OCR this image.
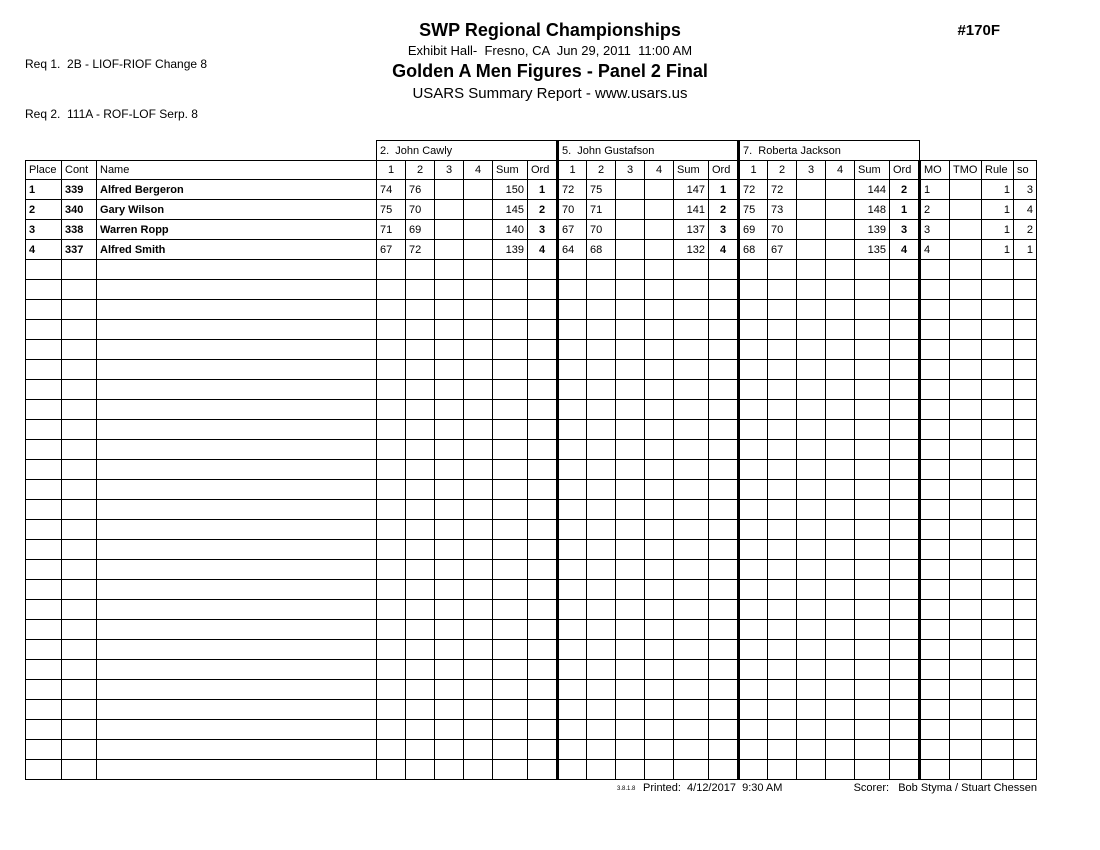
Req 1.  2B - LIOF-RIOF Change 8

Req 2.  111A - ROF-LOF Serp. 8

SWP Regional Championships
Exhibit Hall-  Fresno, CA  Jun 29, 2011  11:00 AM
Golden A Men Figures - Panel 2 Final
USARS Summary Report - www.usars.us
#170F
			2.  John Cawly						5.  John Gustafson						7.  Roberta Jackson									
Place	Cont	Name	1	2	3	4	Sum	Ord	1	2	3	4	Sum	Ord	1	2	3	4	Sum	Ord	MO	TMO	Rule	so
1	339	Alfred Bergeron	74	76			150	1	72	75			147	1	72	72			144	2	1		1	3
2	340	Gary Wilson	75	70			145	2	70	71			141	2	75	73			148	1	2		1	4
3	338	Warren Ropp	71	69			140	3	67	70			137	3	69	70			139	3	3		1	2
4	337	Alfred Smith	67	72			139	4	64	68			132	4	68	67			135	4	4		1	1

3.8.1.8 Printed:  4/12/2017  9:30 AM	Scorer:   Bob Styma / Stuart Chessen
